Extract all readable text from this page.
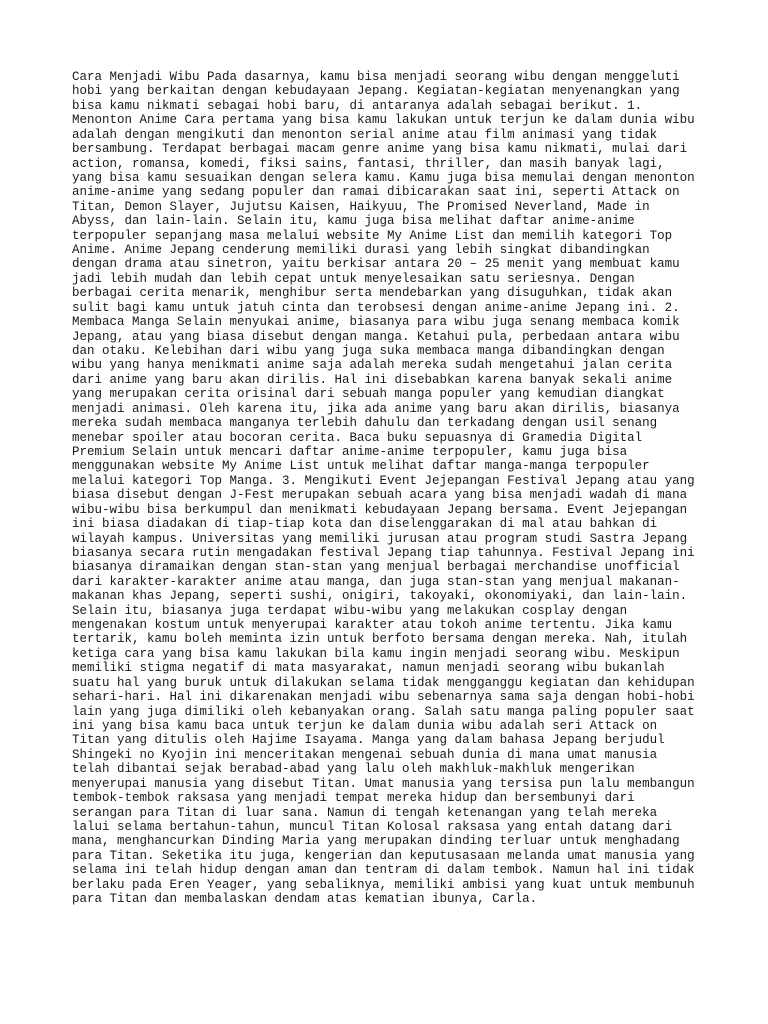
Cara Menjadi Wibu Pada dasarnya, kamu bisa menjadi seorang wibu dengan menggeluti
hobi yang berkaitan dengan kebudayaan Jepang. Kegiatan-kegiatan menyenangkan yang
bisa kamu nikmati sebagai hobi baru, di antaranya adalah sebagai berikut. 1.
Menonton Anime Cara pertama yang bisa kamu lakukan untuk terjun ke dalam dunia wibu
adalah dengan mengikuti dan menonton serial anime atau film animasi yang tidak
bersambung. Terdapat berbagai macam genre anime yang bisa kamu nikmati, mulai dari
action, romansa, komedi, fiksi sains, fantasi, thriller, dan masih banyak lagi,
yang bisa kamu sesuaikan dengan selera kamu. Kamu juga bisa memulai dengan menonton
anime-anime yang sedang populer dan ramai dibicarakan saat ini, seperti Attack on
Titan, Demon Slayer, Jujutsu Kaisen, Haikyuu, The Promised Neverland, Made in
Abyss, dan lain-lain. Selain itu, kamu juga bisa melihat daftar anime-anime
terpopuler sepanjang masa melalui website My Anime List dan memilih kategori Top
Anime. Anime Jepang cenderung memiliki durasi yang lebih singkat dibandingkan
dengan drama atau sinetron, yaitu berkisar antara 20 – 25 menit yang membuat kamu
jadi lebih mudah dan lebih cepat untuk menyelesaikan satu seriesnya. Dengan
berbagai cerita menarik, menghibur serta mendebarkan yang disuguhkan, tidak akan
sulit bagi kamu untuk jatuh cinta dan terobsesi dengan anime-anime Jepang ini. 2.
Membaca Manga Selain menyukai anime, biasanya para wibu juga senang membaca komik
Jepang, atau yang biasa disebut dengan manga. Ketahui pula, perbedaan antara wibu
dan otaku. Kelebihan dari wibu yang juga suka membaca manga dibandingkan dengan
wibu yang hanya menikmati anime saja adalah mereka sudah mengetahui jalan cerita
dari anime yang baru akan dirilis. Hal ini disebabkan karena banyak sekali anime
yang merupakan cerita orisinal dari sebuah manga populer yang kemudian diangkat
menjadi animasi. Oleh karena itu, jika ada anime yang baru akan dirilis, biasanya
mereka sudah membaca manganya terlebih dahulu dan terkadang dengan usil senang
menebar spoiler atau bocoran cerita. Baca buku sepuasnya di Gramedia Digital
Premium Selain untuk mencari daftar anime-anime terpopuler, kamu juga bisa
menggunakan website My Anime List untuk melihat daftar manga-manga terpopuler
melalui kategori Top Manga. 3. Mengikuti Event Jejepangan Festival Jepang atau yang
biasa disebut dengan J-Fest merupakan sebuah acara yang bisa menjadi wadah di mana
wibu-wibu bisa berkumpul dan menikmati kebudayaan Jepang bersama. Event Jejepangan
ini biasa diadakan di tiap-tiap kota dan diselenggarakan di mal atau bahkan di
wilayah kampus. Universitas yang memiliki jurusan atau program studi Sastra Jepang
biasanya secara rutin mengadakan festival Jepang tiap tahunnya. Festival Jepang ini
biasanya diramaikan dengan stan-stan yang menjual berbagai merchandise unofficial
dari karakter-karakter anime atau manga, dan juga stan-stan yang menjual makanan-
makanan khas Jepang, seperti sushi, onigiri, takoyaki, okonomiyaki, dan lain-lain.
Selain itu, biasanya juga terdapat wibu-wibu yang melakukan cosplay dengan
mengenakan kostum untuk menyerupai karakter atau tokoh anime tertentu. Jika kamu
tertarik, kamu boleh meminta izin untuk berfoto bersama dengan mereka. Nah, itulah
ketiga cara yang bisa kamu lakukan bila kamu ingin menjadi seorang wibu. Meskipun
memiliki stigma negatif di mata masyarakat, namun menjadi seorang wibu bukanlah
suatu hal yang buruk untuk dilakukan selama tidak mengganggu kegiatan dan kehidupan
sehari-hari. Hal ini dikarenakan menjadi wibu sebenarnya sama saja dengan hobi-hobi
lain yang juga dimiliki oleh kebanyakan orang. Salah satu manga paling populer saat
ini yang bisa kamu baca untuk terjun ke dalam dunia wibu adalah seri Attack on
Titan yang ditulis oleh Hajime Isayama. Manga yang dalam bahasa Jepang berjudul
Shingeki no Kyojin ini menceritakan mengenai sebuah dunia di mana umat manusia
telah dibantai sejak berabad-abad yang lalu oleh makhluk-makhluk mengerikan
menyerupai manusia yang disebut Titan. Umat manusia yang tersisa pun lalu membangun
tembok-tembok raksasa yang menjadi tempat mereka hidup dan bersembunyi dari
serangan para Titan di luar sana. Namun di tengah ketenangan yang telah mereka
lalui selama bertahun-tahun, muncul Titan Kolosal raksasa yang entah datang dari
mana, menghancurkan Dinding Maria yang merupakan dinding terluar untuk menghadang
para Titan. Seketika itu juga, kengerian dan keputusasaan melanda umat manusia yang
selama ini telah hidup dengan aman dan tentram di dalam tembok. Namun hal ini tidak
berlaku pada Eren Yeager, yang sebaliknya, memiliki ambisi yang kuat untuk membunuh
para Titan dan membalaskan dendam atas kematian ibunya, Carla.
